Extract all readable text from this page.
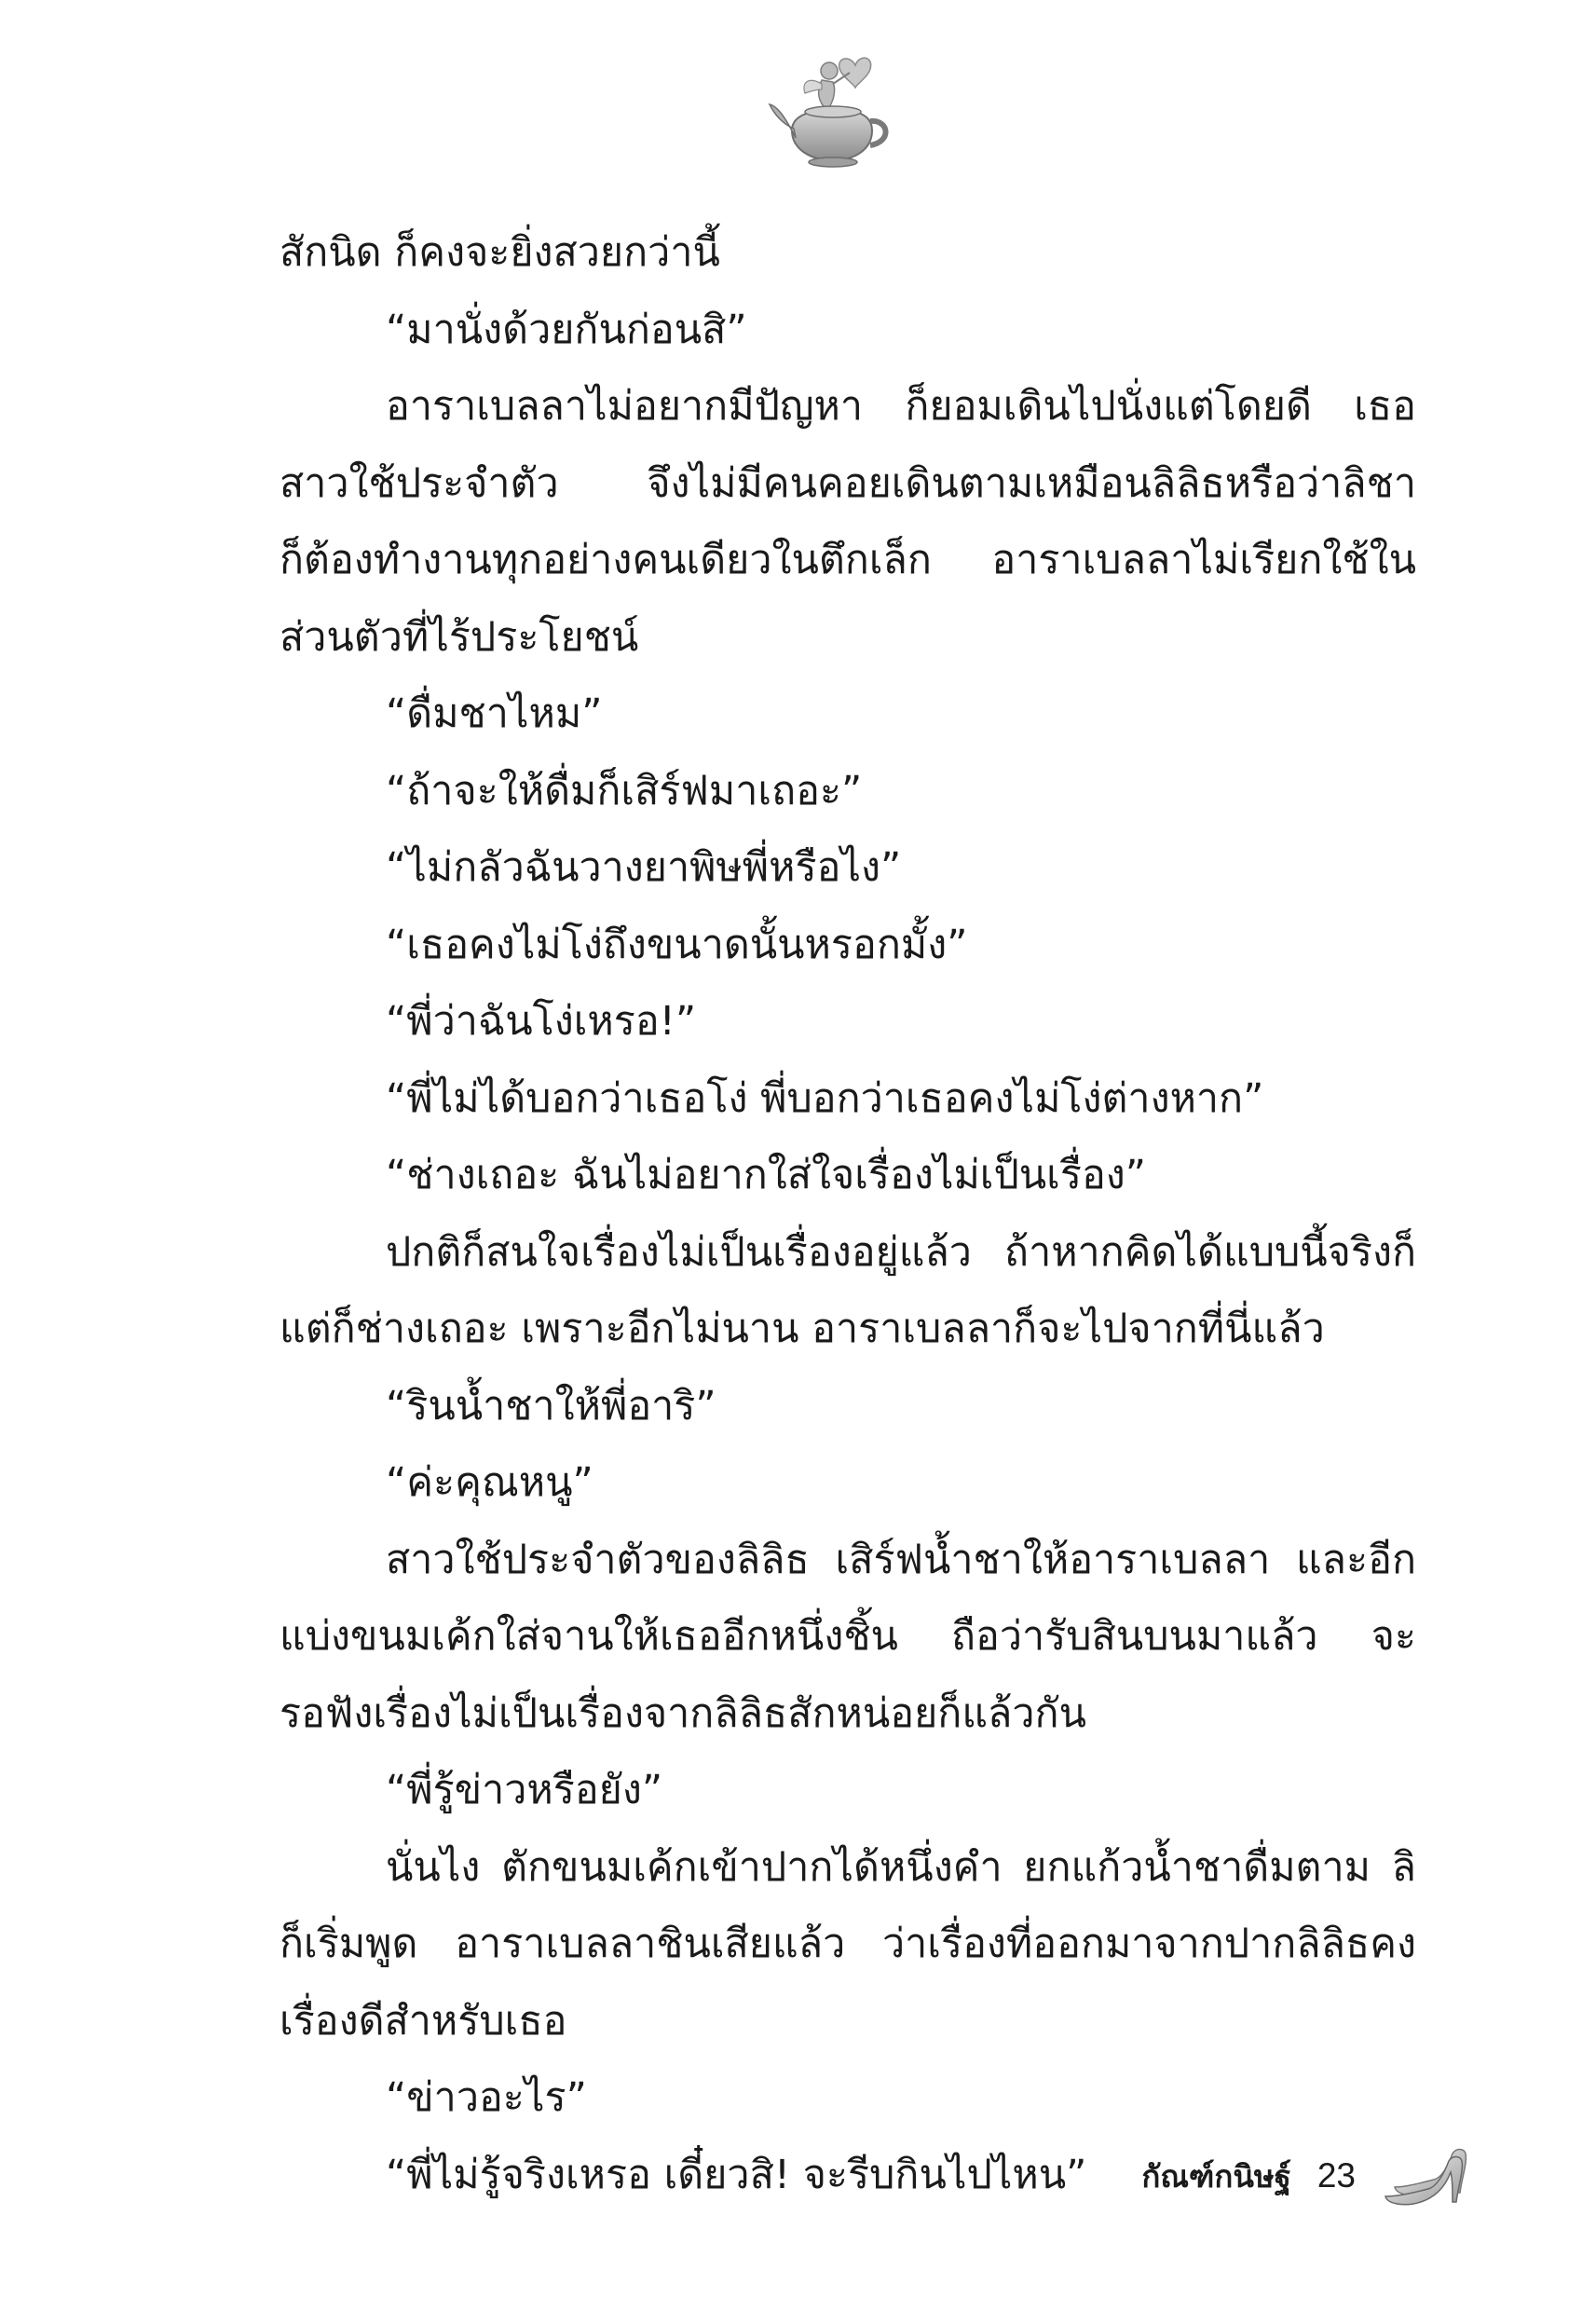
สักนิด ก็คงจะยิ่งสวยกว่านี้
“มานั่งด้วยกันก่อนสิ”
อาราเบลลาไม่อยากมีปัญหา ก็ยอมเดินไปนั่งแต่โดยดี เธอ
สาวใช้ประจำตัว จึงไม่มีคนคอยเดินตามเหมือนลิลิธหรือว่าลิชา
ก็ต้องทำงานทุกอย่างคนเดียวในตึกเล็ก อาราเบลลาไม่เรียกใช้ใน
ส่วนตัวที่ไร้ประโยชน์
“ดื่มชาไหม”
“ถ้าจะให้ดื่มก็เสิร์ฟมาเถอะ”
“ไม่กลัวฉันวางยาพิษพี่หรือไง”
“เธอคงไม่โง่ถึงขนาดนั้นหรอกมั้ง”
“พี่ว่าฉันโง่เหรอ!”
“พี่ไม่ได้บอกว่าเธอโง่ พี่บอกว่าเธอคงไม่โง่ต่างหาก”
“ช่างเถอะ ฉันไม่อยากใส่ใจเรื่องไม่เป็นเรื่อง”
ปกติก็สนใจเรื่องไม่เป็นเรื่องอยู่แล้ว ถ้าหากคิดได้แบบนี้จริงก็
แต่ก็ช่างเถอะ เพราะอีกไม่นาน อาราเบลลาก็จะไปจากที่นี่แล้ว
“รินน้ำชาให้พี่อาริ”
“ค่ะคุณหนู”
สาวใช้ประจำตัวของลิลิธ เสิร์ฟน้ำชาให้อาราเบลลา และอีก
แบ่งขนมเค้กใส่จานให้เธออีกหนึ่งชิ้น ถือว่ารับสินบนมาแล้ว จะ
รอฟังเรื่องไม่เป็นเรื่องจากลิลิธสักหน่อยก็แล้วกัน
“พี่รู้ข่าวหรือยัง”
นั่นไง ตักขนมเค้กเข้าปากได้หนึ่งคำ ยกแก้วน้ำชาดื่มตาม ลิ
ก็เริ่มพูด อาราเบลลาชินเสียแล้ว ว่าเรื่องที่ออกมาจากปากลิลิธคง
เรื่องดีสำหรับเธอ
“ข่าวอะไร”
“พี่ไม่รู้จริงเหรอ เดี๋ยวสิ! จะรีบกินไปไหน”	กัณฑ์กนิษฐ์ 23
